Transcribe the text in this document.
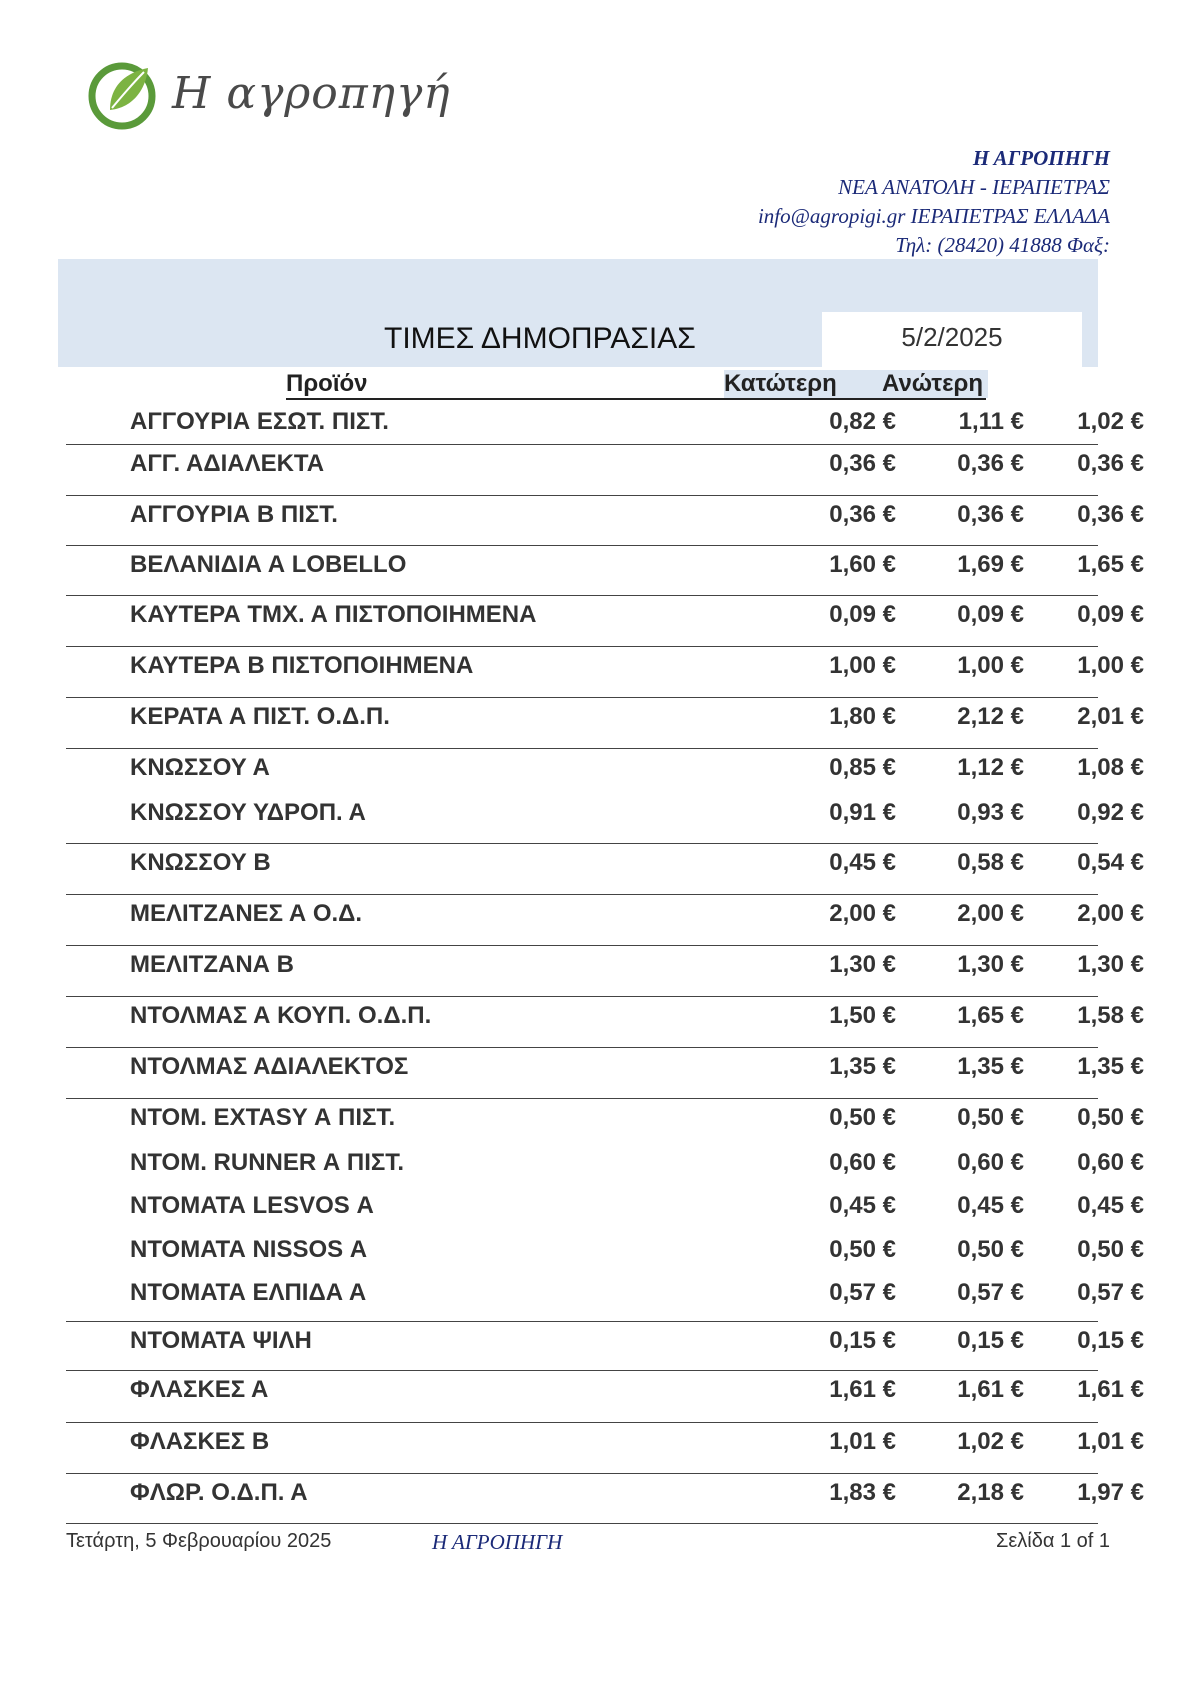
Η αγροπηγή
Η ΑΓΡΟΠΗΓΗ
ΝΕΑ ΑΝΑΤΟΛΗ - ΙΕΡΑΠΕΤΡΑΣ
info@agropigi.gr ΙΕΡΑΠΕΤΡΑΣ ΕΛΛΑΔΑ
Τηλ: (28420) 41888 Φαξ:
ΤΙΜΕΣ ΔΗΜΟΠΡΑΣΙΑΣ	5/2/2025
Προϊόν	Κατώτερη Ανώτερη
ΑΓΓΟΥΡΙΑ ΕΣΩΤ. ΠΙΣΤ.	0,82 €	1,11 €	1,02 €
ΑΓΓ. ΑΔΙΑΛΕΚΤΑ	0,36 €	0,36 €	0,36 €
ΑΓΓΟΥΡΙΑ Β ΠΙΣΤ.	0,36 €	0,36 €	0,36 €
ΒΕΛΑΝΙΔΙΑ Α LOBELLO	1,60 €	1,69 €	1,65 €
ΚΑΥΤΕΡΑ ΤΜΧ. Α ΠΙΣΤΟΠΟΙΗΜΕΝΑ	0,09 €	0,09 €	0,09 €
ΚΑΥΤΕΡΑ Β ΠΙΣΤΟΠΟΙΗΜΕΝΑ	1,00 €	1,00 €	1,00 €
ΚΕΡΑΤΑ Α ΠΙΣΤ. Ο.Δ.Π.	1,80 €	2,12 €	2,01 €
ΚΝΩΣΣΟΥ Α	0,85 €	1,12 €	1,08 €
ΚΝΩΣΣΟΥ ΥΔΡΟΠ. Α	0,91 €	0,93 €	0,92 €
ΚΝΩΣΣΟΥ Β	0,45 €	0,58 €	0,54 €
ΜΕΛΙΤΖΑΝΕΣ Α Ο.Δ.	2,00 €	2,00 €	2,00 €
ΜΕΛΙΤΖΑΝΑ Β	1,30 €	1,30 €	1,30 €
ΝΤΟΛΜΑΣ Α ΚΟΥΠ. Ο.Δ.Π.	1,50 €	1,65 €	1,58 €
ΝΤΟΛΜΑΣ ΑΔΙΑΛΕΚΤΟΣ	1,35 €	1,35 €	1,35 €
ΝΤΟΜ. EXTASY Α ΠΙΣΤ.	0,50 €	0,50 €	0,50 €
ΝΤΟΜ. RUNNER Α ΠΙΣΤ.	0,60 €	0,60 €	0,60 €
ΝΤΟΜΑΤΑ LESVOS Α	0,45 €	0,45 €	0,45 €
ΝΤΟΜΑΤΑ NISSOS Α	0,50 €	0,50 €	0,50 €
ΝΤΟΜΑΤΑ ΕΛΠΙΔΑ Α	0,57 €	0,57 €	0,57 €
ΝΤΟΜΑΤΑ ΨΙΛΗ	0,15 €	0,15 €	0,15 €
ΦΛΑΣΚΕΣ Α	1,61 €	1,61 €	1,61 €
ΦΛΑΣΚΕΣ Β	1,01 €	1,02 €	1,01 €
ΦΛΩΡ. Ο.Δ.Π. Α	1,83 €	2,18 €	1,97 €
Τετάρτη, 5 Φεβρουαρίου 2025	Η ΑΓΡΟΠΗΓΗ	Σελίδα 1 of 1
